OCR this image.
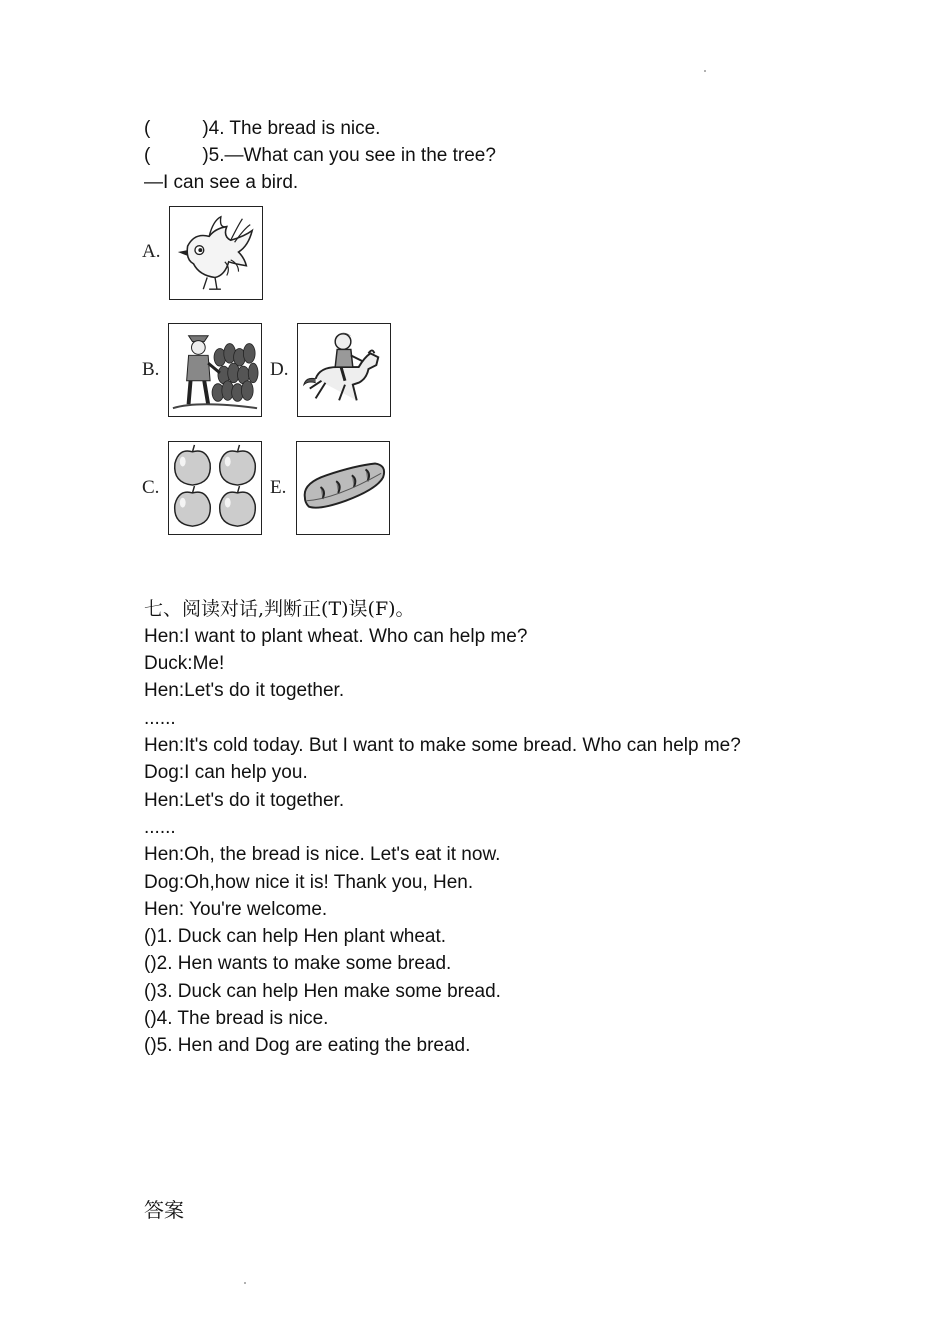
(	)4. The bread is nice.
(	)5.—What can you see in the tree?
—I can see a bird.
A.
B.
C.
D.
E.
七、阅读对话,判断正(T)误(F)。
Hen:I want to plant wheat. Who can help me?
Duck:Me!
Hen:Let's do it together.
......
Hen:It's cold today. But I want to make some bread. Who can help me?
Dog:I can help you.
Hen:Let's do it together.
......
Hen:Oh, the bread is nice. Let's eat it now.
Dog:Oh,how nice it is! Thank you, Hen.
Hen: You're welcome.
()1. Duck can help Hen plant wheat.
()2. Hen wants to make some bread.
()3. Duck can help Hen make some bread.
()4. The bread is nice.
()5. Hen and Dog are eating the bread.
答案
